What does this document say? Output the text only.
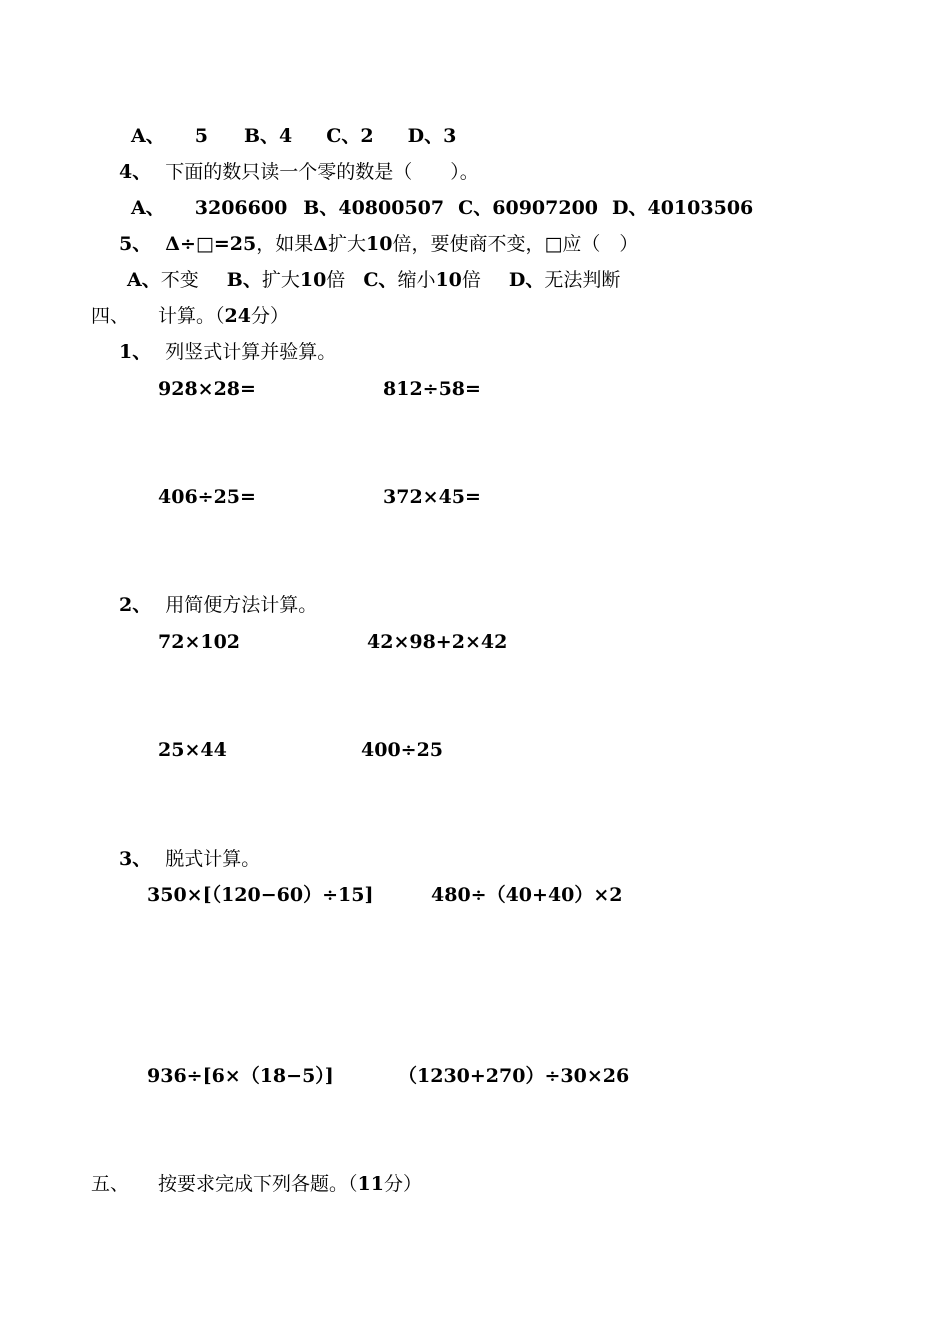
A、 5 B、4 C、2 D、3
4、 下面的数只读一个零的数是（　　）。
A、 3206600 B、40800507 C、60907200 D、40103506
5、 Δ÷□=25，如果Δ扩大10倍，要使商不变，□应（　）
A、不变 B、扩大10倍 C、缩小10倍 D、无法判断
四、 计算。（24分）
1、 列竖式计算并验算。
928×28=	812÷58=
406÷25=	372×45=
2、 用简便方法计算。
72×102	42×98+2×42
25×44	400÷25
3、 脱式计算。
350×[（120−60）÷15]	480÷（40+40）×2
936÷[6×（18−5）]	（1230+270）÷30×26
五、 按要求完成下列各题。（11分）
